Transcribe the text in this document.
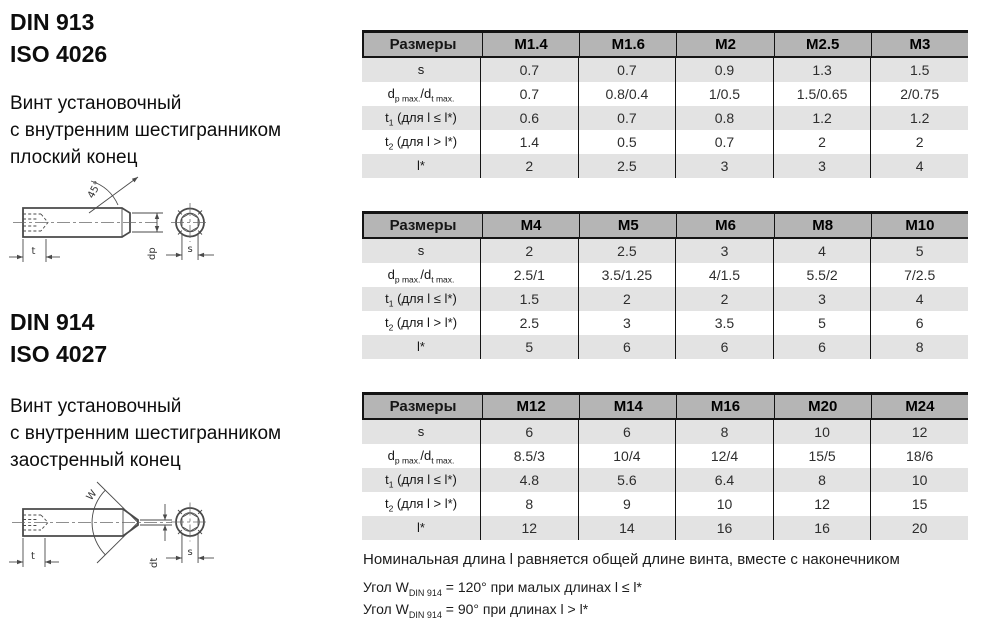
DIN 913
ISO 4026
Винт установочный
с внутренним шестигранником
плоский конец
45°
dp
t	s
DIN 914
ISO 4027
Винт установочный
с внутренним шестигранником
заостренный конец
W
dt
t	s
Размеры	M1.4	M1.6	M2	M2.5	M3
s	0.7	0.7	0.9	1.3	1.5
$d_{p max.}/d_{t max.}$	0.7	0.8/0.4	1/0.5	1.5/0.65	2/0.75
$t_1$ (для l ≤ l*)	0.6	0.7	0.8	1.2	1.2
$t_2$ (для l > l*)	1.4	0.5	0.7	2	2
l*	2	2.5	3	3	4
Размеры	M4	M5	M6	M8	M10
s	2	2.5	3	4	5
$d_{p max.}/d_{t max.}$	2.5/1	3.5/1.25	4/1.5	5.5/2	7/2.5
$t_1$ (для l ≤ l*)	1.5	2	2	3	4
$t_2$ (для l > l*)	2.5	3	3.5	5	6
l*	5	6	6	6	8
Размеры	M12	M14	M16	M20	M24
s	6	6	8	10	12
$d_{p max.}/d_{t max.}$	8.5/3	10/4	12/4	15/5	18/6
$t_1$ (для l ≤ l*)	4.8	5.6	6.4	8	10
$t_2$ (для l > l*)	8	9	10	12	15
l*	12	14	16	16	20
Номинальная длина l равняется общей длине винта, вместе с наконечником
Угол $W_{DIN 914} = 120^\circ$ при малых длинах l ≤ l*
Угол $W_{DIN 914} = 90^\circ$ при длинах l > l*
